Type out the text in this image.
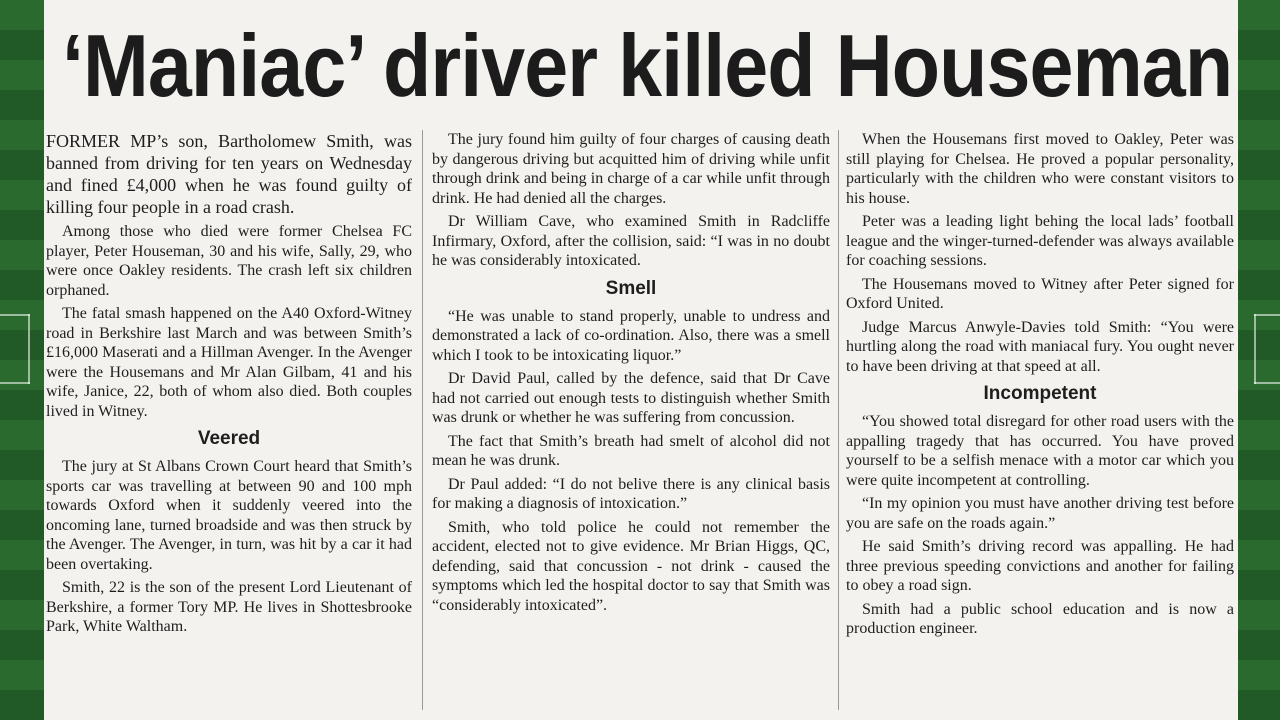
‘Maniac’ driver killed Houseman

FORMER MP’s son, Bartholomew Smith, was banned from driving for ten years on Wednesday and fined £4,000 when he was found guilty of killing four people in a road crash.

Among those who died were former Chelsea FC player, Peter Houseman, 30 and his wife, Sally, 29, who were once Oakley residents. The crash left six children orphaned.

The fatal smash happened on the A40 Oxford-Witney road in Berkshire last March and was between Smith’s £16,000 Maserati and a Hillman Avenger. In the Avenger were the Housemans and Mr Alan Gilbam, 41 and his wife, Janice, 22, both of whom also died. Both couples lived in Witney.

Veered

The jury at St Albans Crown Court heard that Smith’s sports car was travelling at between 90 and 100 mph towards Oxford when it suddenly veered into the oncoming lane, turned broadside and was then struck by the Avenger. The Avenger, in turn, was hit by a car it had been overtaking.

Smith, 22 is the son of the present Lord Lieutenant of Berkshire, a former Tory MP. He lives in Shottesbrooke Park, White Waltham.

The jury found him guilty of four charges of causing death by dangerous driving but acquitted him of driving while unfit through drink and being in charge of a car while unfit through drink. He had denied all the charges.

Dr William Cave, who examined Smith in Radcliffe Infirmary, Oxford, after the collision, said: “I was in no doubt he was considerably intoxicated.

Smell

“He was unable to stand properly, unable to undress and demonstrated a lack of co-ordination. Also, there was a smell which I took to be intoxicating liquor.”

Dr David Paul, called by the defence, said that Dr Cave had not carried out enough tests to distinguish whether Smith was drunk or whether he was suffering from concussion.

The fact that Smith’s breath had smelt of alcohol did not mean he was drunk.

Dr Paul added: “I do not belive there is any clinical basis for making a diagnosis of intoxication.”

Smith, who told police he could not remember the accident, elected not to give evidence. Mr Brian Higgs, QC, defending, said that concussion - not drink - caused the symptoms which led the hospital doctor to say that Smith was “considerably intoxicated”.

When the Housemans first moved to Oakley, Peter was still playing for Chelsea. He proved a popular personality, particularly with the children who were constant visitors to his house.

Peter was a leading light behing the local lads’ football league and the winger-turned-defender was always available for coaching sessions.

The Housemans moved to Witney after Peter signed for Oxford United.

Judge Marcus Anwyle-Davies told Smith: “You were hurtling along the road with maniacal fury. You ought never to have been driving at that speed at all.

Incompetent

“You showed total disregard for other road users with the appalling tragedy that has occurred. You have proved yourself to be a selfish menace with a motor car which you were quite incompetent at controlling.

“In my opinion you must have another driving test before you are safe on the roads again.”

He said Smith’s driving record was appalling. He had three previous speeding convictions and another for failing to obey a road sign.

Smith had a public school education and is now a production engineer.
